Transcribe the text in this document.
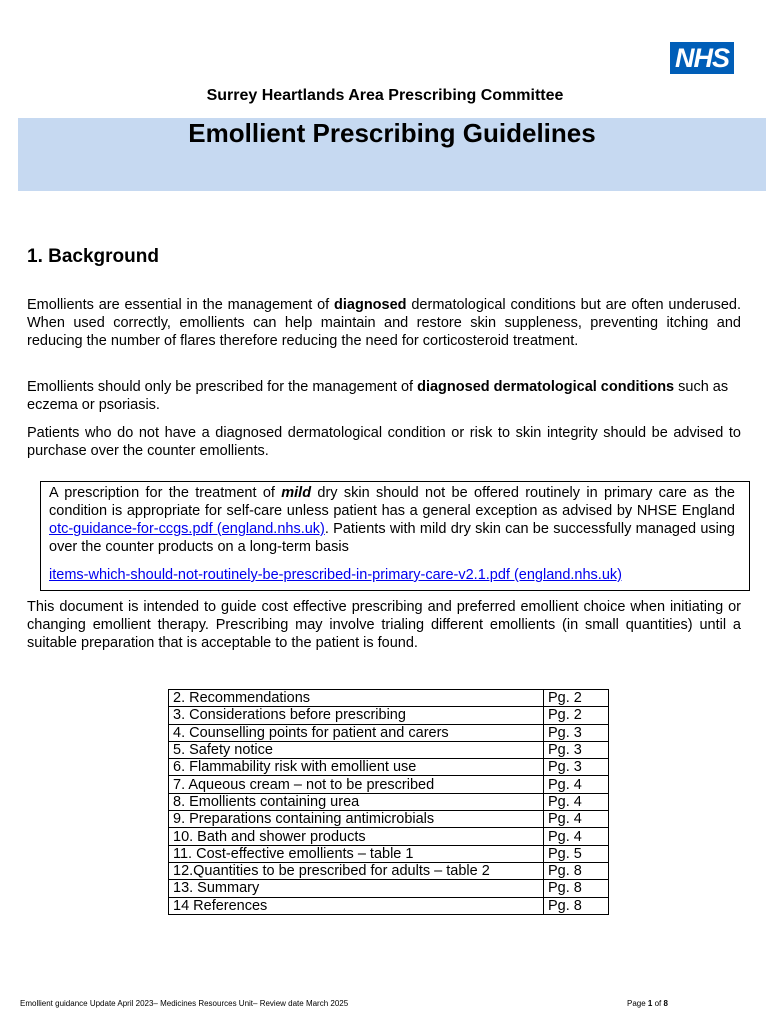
NHS
Surrey Heartlands Area Prescribing Committee
Emollient Prescribing Guidelines
1. Background
Emollients are essential in the management of diagnosed dermatological conditions but are often underused. When used correctly, emollients can help maintain and restore skin suppleness, preventing itching and reducing the number of flares therefore reducing the need for corticosteroid treatment.
Emollients should only be prescribed for the management of diagnosed dermatological conditions such as eczema or psoriasis.
Patients who do not have a diagnosed dermatological condition or risk to skin integrity should be advised to purchase over the counter emollients.
A prescription for the treatment of mild dry skin should not be offered routinely in primary care as the condition is appropriate for self-care unless patient has a general exception as advised by NHSE England otc-guidance-for-ccgs.pdf (england.nhs.uk). Patients with mild dry skin can be successfully managed using over the counter products on a long-term basis
items-which-should-not-routinely-be-prescribed-in-primary-care-v2.1.pdf (england.nhs.uk)
This document is intended to guide cost effective prescribing and preferred emollient choice when initiating or changing emollient therapy. Prescribing may involve trialing different emollients (in small quantities) until a suitable preparation that is acceptable to the patient is found.
2. Recommendations	Pg. 2
3. Considerations before prescribing	Pg. 2
4. Counselling points for patient and carers	Pg. 3
5. Safety notice	Pg. 3
6. Flammability risk with emollient use	Pg. 3
7. Aqueous cream – not to be prescribed	Pg. 4
8. Emollients containing urea	Pg. 4
9. Preparations containing antimicrobials	Pg. 4
10. Bath and shower products	Pg. 4
11. Cost-effective emollients – table 1	Pg. 5
12.Quantities to be prescribed for adults – table 2	Pg. 8
13. Summary	Pg. 8
14 References	Pg. 8
Emollient guidance Update April 2023– Medicines Resources Unit– Review date March 2025	Page 1 of 8
